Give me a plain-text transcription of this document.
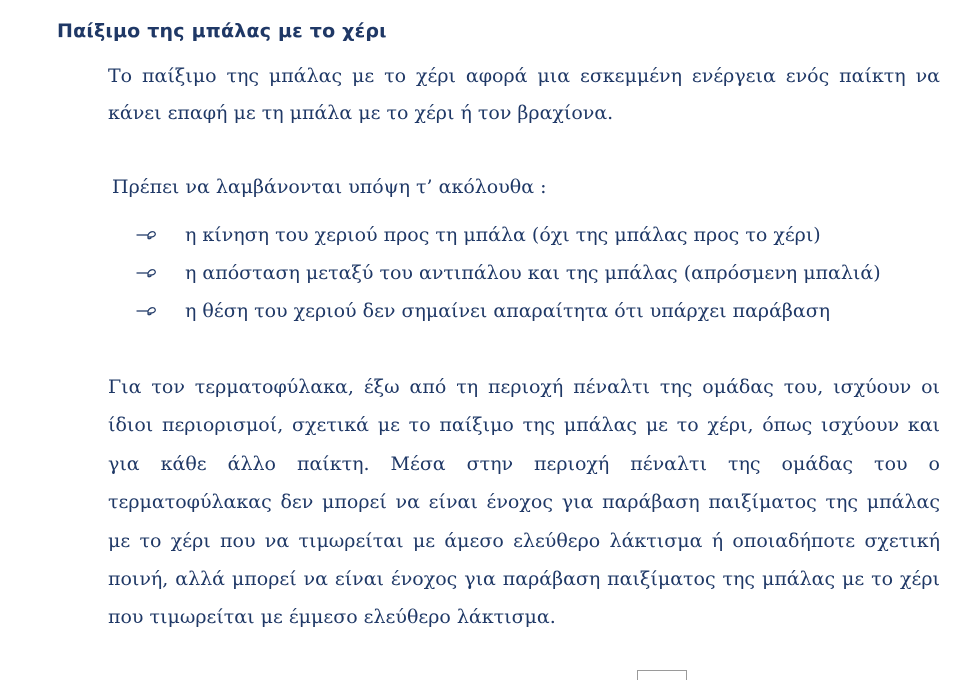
Παίξιμο της μπάλας με το χέρι

Το παίξιμο της μπάλας με το χέρι αφορά μια εσκεμμένη ενέργεια ενός παίκτη να κάνει επαφή με τη μπάλα με το χέρι ή τον βραχίονα.

Πρέπει να λαμβάνονται υπόψη τ’ ακόλουθα :

η κίνηση του χεριού προς τη μπάλα (όχι της μπάλας προς το χέρι)
η απόσταση μεταξύ του αντιπάλου και της μπάλας (απρόσμενη μπαλιά)
η θέση του χεριού δεν σημαίνει απαραίτητα ότι υπάρχει παράβαση

Για τον τερματοφύλακα, έξω από τη περιοχή πέναλτι της ομάδας του, ισχύουν οι ίδιοι περιορισμοί, σχετικά με το παίξιμο της μπάλας με το χέρι, όπως ισχύουν και για κάθε άλλο παίκτη. Μέσα στην περιοχή πέναλτι της ομάδας του ο τερματοφύλακας δεν μπορεί να είναι ένοχος για παράβαση παιξίματος της μπάλας με το χέρι που να τιμωρείται με άμεσο ελεύθερο λάκτισμα ή οποιαδήποτε σχετική ποινή, αλλά μπορεί να είναι ένοχος για παράβαση παιξίματος της μπάλας με το χέρι που τιμωρείται με έμμεσο ελεύθερο λάκτισμα.
